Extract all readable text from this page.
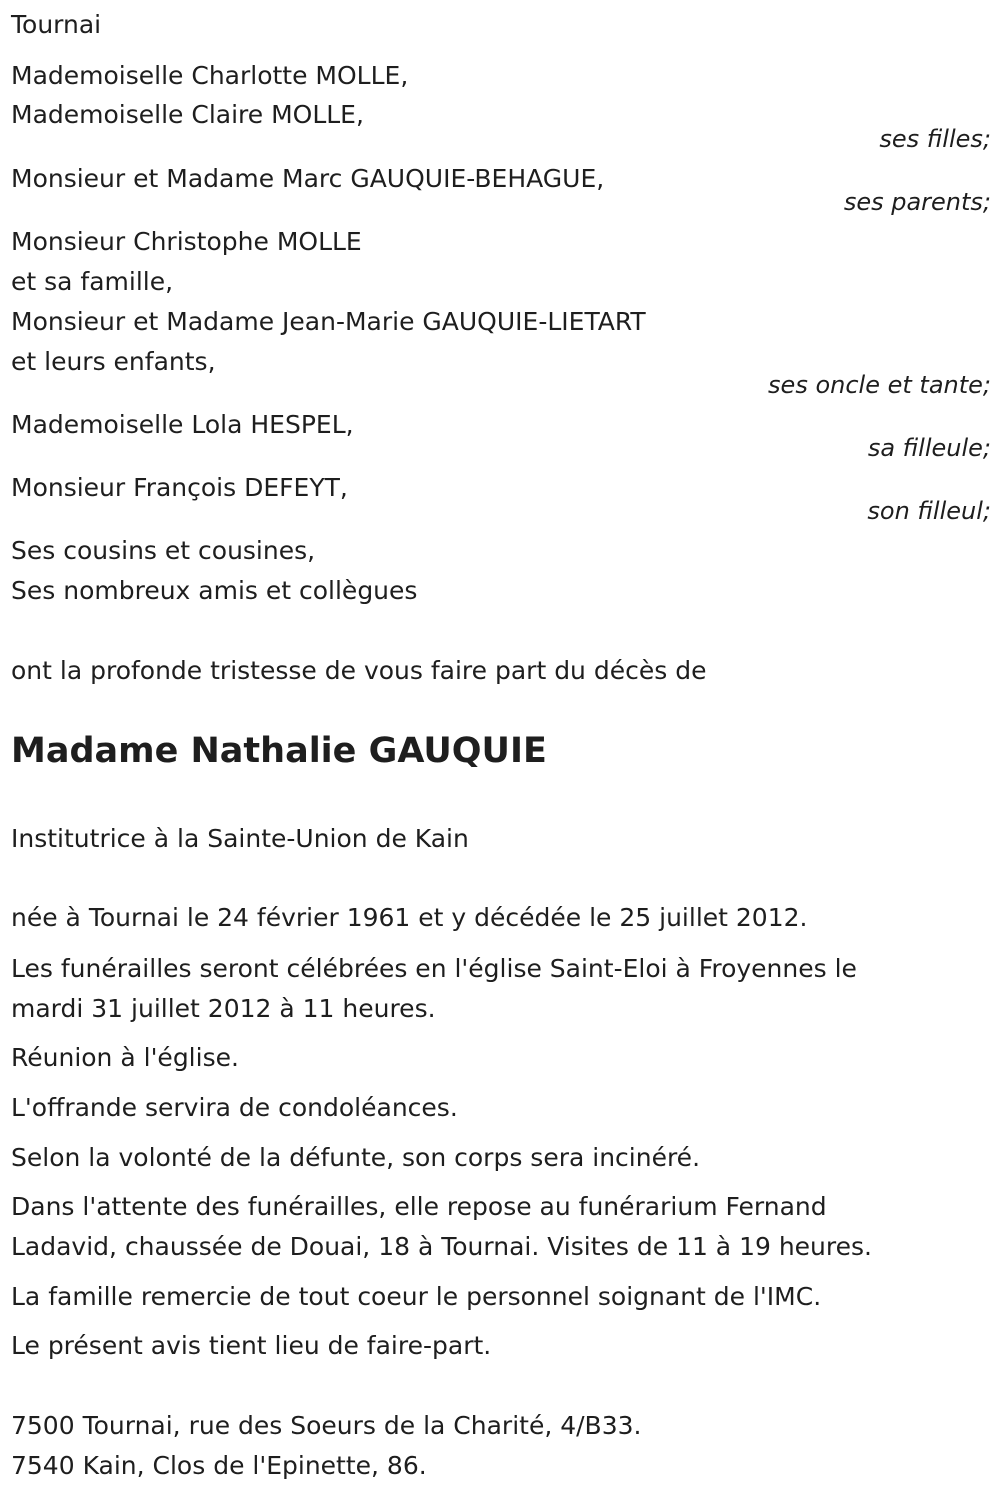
Tournai
Mademoiselle Charlotte MOLLE,
Mademoiselle Claire MOLLE,
ses filles;
Monsieur et Madame Marc GAUQUIE-BEHAGUE,
ses parents;
Monsieur Christophe MOLLE
et sa famille,
Monsieur et Madame Jean-Marie GAUQUIE-LIETART
et leurs enfants,
ses oncle et tante;
Mademoiselle Lola HESPEL,
sa filleule;
Monsieur François DEFEYT,
son filleul;
Ses cousins et cousines,
Ses nombreux amis et collègues
ont la profonde tristesse de vous faire part du décès de
Madame Nathalie GAUQUIE
Institutrice à la Sainte-Union de Kain
née à Tournai le 24 février 1961 et y décédée le 25 juillet 2012.
Les funérailles seront célébrées en l'église Saint-Eloi à Froyennes le
mardi 31 juillet 2012 à 11 heures.
Réunion à l'église.
L'offrande servira de condoléances.
Selon la volonté de la défunte, son corps sera incinéré.
Dans l'attente des funérailles, elle repose au funérarium Fernand
Ladavid, chaussée de Douai, 18 à Tournai. Visites de 11 à 19 heures.
La famille remercie de tout coeur le personnel soignant de l'IMC.
Le présent avis tient lieu de faire-part.
7500 Tournai, rue des Soeurs de la Charité, 4/B33.
7540 Kain, Clos de l'Epinette, 86.
